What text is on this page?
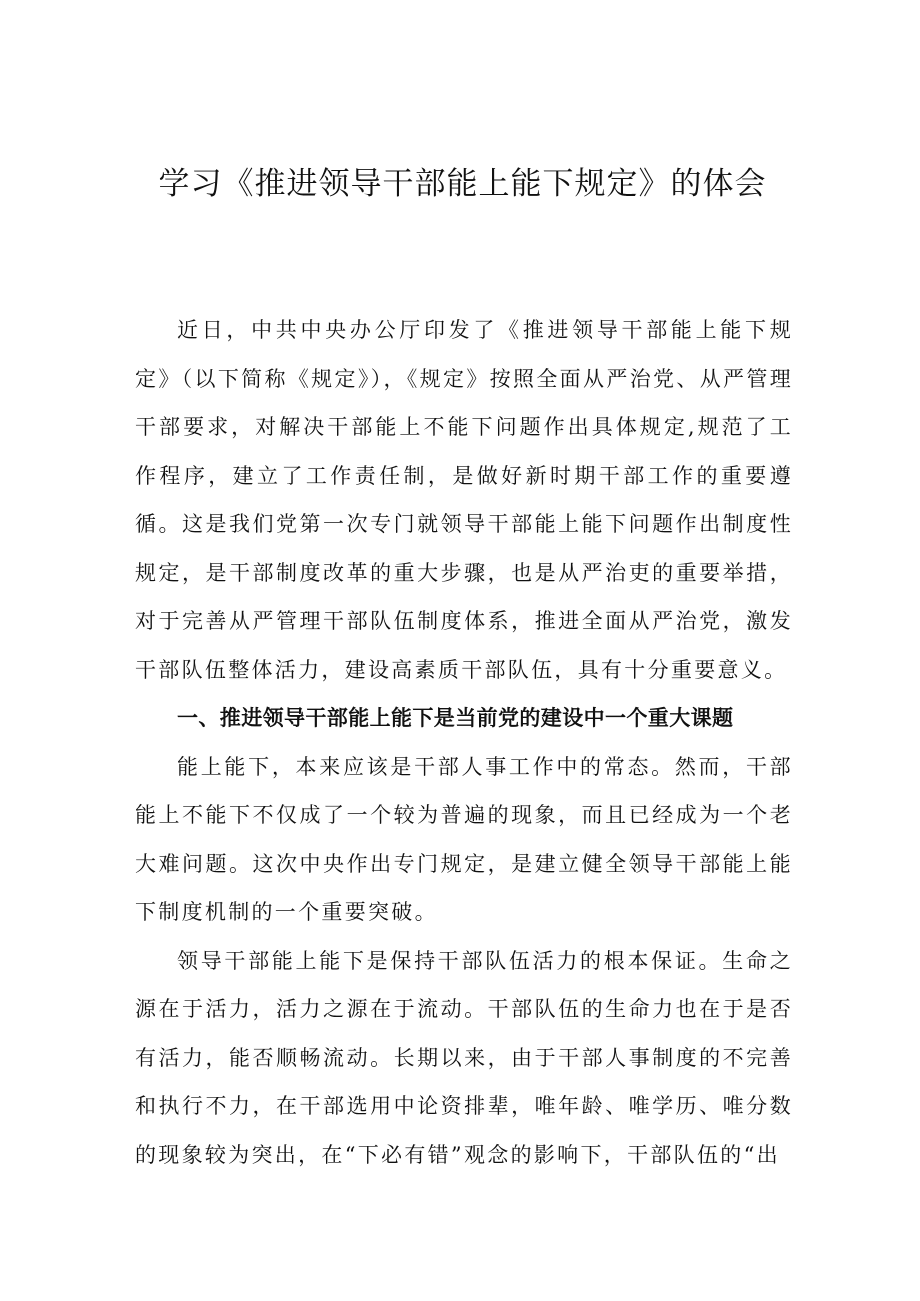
学习《推进领导干部能上能下规定》的体会

近日，中共中央办公厅印发了《推进领导干部能上能下规定》（以下简称《规定》），《规定》按照全面从严治党、从严管理干部要求，对解决干部能上不能下问题作出具体规定,规范了工作程序，建立了工作责任制，是做好新时期干部工作的重要遵循。这是我们党第一次专门就领导干部能上能下问题作出制度性规定，是干部制度改革的重大步骤，也是从严治吏的重要举措，对于完善从严管理干部队伍制度体系，推进全面从严治党，激发干部队伍整体活力，建设高素质干部队伍，具有十分重要意义。

一、推进领导干部能上能下是当前党的建设中一个重大课题

能上能下，本来应该是干部人事工作中的常态。然而，干部能上不能下不仅成了一个较为普遍的现象，而且已经成为一个老大难问题。这次中央作出专门规定，是建立健全领导干部能上能下制度机制的一个重要突破。

领导干部能上能下是保持干部队伍活力的根本保证。生命之源在于活力，活力之源在于流动。干部队伍的生命力也在于是否有活力，能否顺畅流动。长期以来，由于干部人事制度的不完善和执行不力，在干部选用中论资排辈，唯年龄、唯学历、唯分数的现象较为突出，在“下必有错”观念的影响下，干部队伍的“出
